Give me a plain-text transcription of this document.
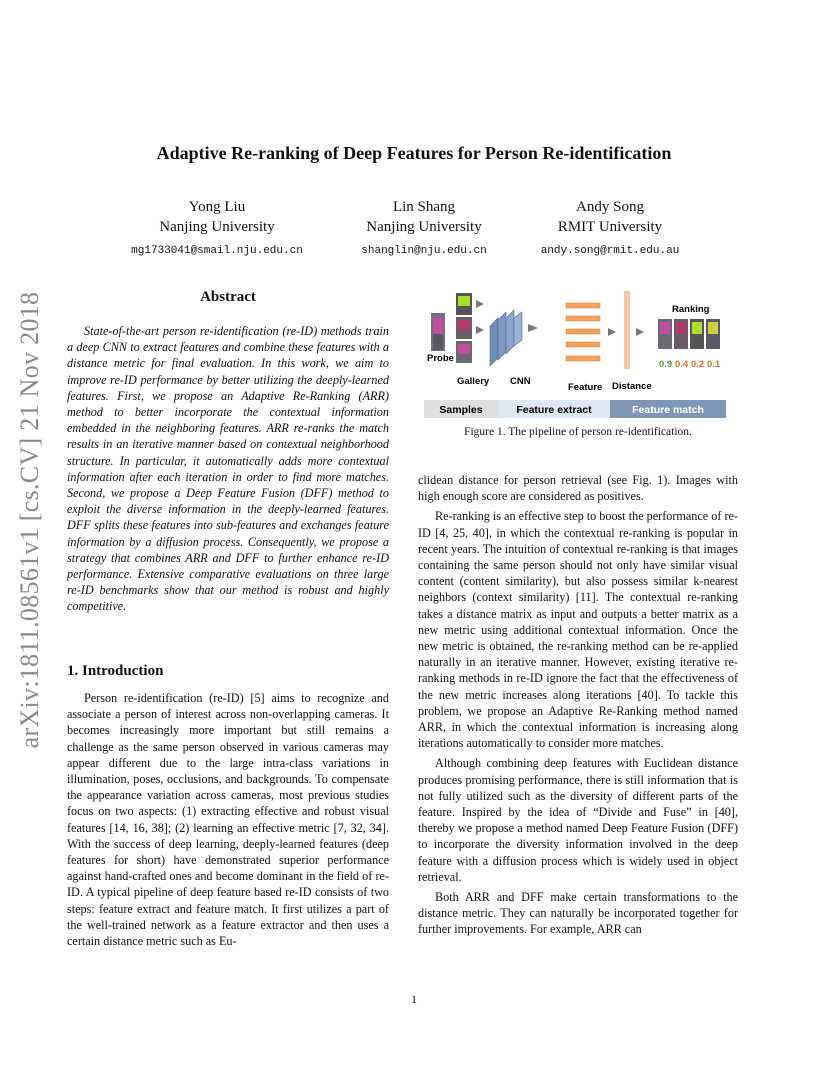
Adaptive Re-ranking of Deep Features for Person Re-identification
Yong Liu
Nanjing University
mg1733041@smail.nju.edu.cn
Lin Shang
Nanjing University
shanglin@nju.edu.cn
Andy Song
RMIT University
andy.song@rmit.edu.au
arXiv:1811.08561v1 [cs.CV] 21 Nov 2018	Abstract

State-of-the-art person re-identification (re-ID) methods train a deep CNN to extract features and combine these features with a distance metric for final evaluation. In this work, we aim to improve re-ID performance by better utilizing the deeply-learned features. First, we propose an Adaptive Re-Ranking (ARR) method to better incorporate the contextual information embedded in the neighboring features. ARR re-ranks the match results in an iterative manner based on contextual neighborhood structure. In particular, it automatically adds more contextual information after each iteration in order to find more matches. Second, we propose a Deep Feature Fusion (DFF) method to exploit the diverse information in the deeply-learned features. DFF splits these features into sub-features and exchanges feature information by a diffusion process. Consequently, we propose a strategy that combines ARR and DFF to further enhance re-ID performance. Extensive comparative evaluations on three large re-ID benchmarks show that our method is robust and highly competitive.

1. Introduction

Person re-identification (re-ID) [5] aims to recognize and associate a person of interest across non-overlapping cameras. It becomes increasingly more important but still remains a challenge as the same person observed in various cameras may appear different due to the large intra-class variations in illumination, poses, occlusions, and backgrounds. To compensate the appearance variation across cameras, most previous studies focus on two aspects: (1) extracting effective and robust visual features [14, 16, 38]; (2) learning an effective metric [7, 32, 34]. With the success of deep learning, deeply-learned features (deep features for short) have demonstrated superior performance against hand-crafted ones and become dominant in the field of re-ID. A typical pipeline of deep feature based re-ID consists of two steps: feature extract and feature match. It first utilizes a part of the well-trained network as a feature extractor and then uses a certain distance metric such as Eu-

Probe
Gallery CNN
Feature Distance
Ranking
0.9 0.4 0.2 0.1
Samples	Feature extract	Feature match
Figure 1. The pipeline of person re-identification.

clidean distance for person retrieval (see Fig. 1). Images with high enough score are considered as positives.

Re-ranking is an effective step to boost the performance of re-ID [4, 25, 40], in which the contextual re-ranking is popular in recent years. The intuition of contextual re-ranking is that images containing the same person should not only have similar visual content (content similarity), but also possess similar k-nearest neighbors (context similarity) [11]. The contextual re-ranking takes a distance matrix as input and outputs a better matrix as a new metric using additional contextual information. Once the new metric is obtained, the re-ranking method can be re-applied naturally in an iterative manner. However, existing iterative re-ranking methods in re-ID ignore the fact that the effectiveness of the new metric increases along iterations [40]. To tackle this problem, we propose an Adaptive Re-Ranking method named ARR, in which the contextual information is increasing along iterations automatically to consider more matches.

Although combining deep features with Euclidean distance produces promising performance, there is still information that is not fully utilized such as the diversity of different parts of the feature. Inspired by the idea of “Divide and Fuse” in [40], thereby we propose a method named Deep Feature Fusion (DFF) to incorporate the diversity information involved in the deep feature with a diffusion process which is widely used in object retrieval.

Both ARR and DFF make certain transformations to the distance metric. They can naturally be incorporated together for further improvements. For example, ARR can

1
